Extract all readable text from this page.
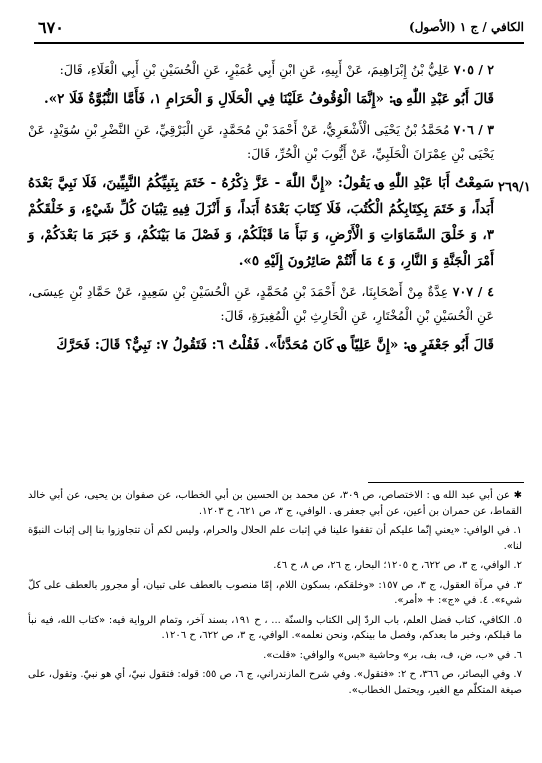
٦٧٠	الكافي / ج ١ (الأصول)
٢٦٩/١

٢ / ٧٠٥ عَلِيُّ بْنُ إِبْرَاهِيمَ، عَنْ أَبِيهِ، عَنِ ابْنِ أَبِي عُمَيْرٍ، عَنِ الْحُسَيْنِ بْنِ أَبِي الْعَلَاءِ، قَالَ:

قَالَ أَبُو عَبْدِ اللّٰهِ ؈: «إِنَّمَا الْوُقُوفُ عَلَيْنَا فِي الْحَلَالِ وَ الْحَرَامِ ١، فَأَمَّا النُّبُوَّةُ فَلَا ٢».

٣ / ٧٠٦ مُحَمَّدُ بْنُ يَحْيَى الْأَشْعَرِيُّ، عَنْ أَحْمَدَ بْنِ مُحَمَّدٍ، عَنِ الْبَرْقِيِّ، عَنِ النَّضْرِ بْنِ سُوَيْدٍ، عَنْ يَحْيَى بْنِ عِمْرَانَ الْحَلَبِيِّ، عَنْ أَيُّوبَ بْنِ الْحُرِّ، قَالَ:

سَمِعْتُ أَبَا عَبْدِ اللّٰهِ ؈ يَقُولُ: «إِنَّ اللّٰهَ - عَزَّ ذِكْرُهُ - خَتَمَ بِنَبِيِّكُمُ النَّبِيِّينَ، فَلَا نَبِيَّ بَعْدَهُ أَبَداً، وَ خَتَمَ بِكِتَابِكُمُ الْكُتُبَ، فَلَا كِتَابَ بَعْدَهُ أَبَداً، وَ أَنْزَلَ فِيهِ تِبْيَانَ كُلِّ شَيْءٍ، وَ خَلْقَكُمْ ٣، وَ خَلْقَ السَّمَاوَاتِ وَ الْأَرْضِ، وَ نَبَأَ مَا قَبْلَكُمْ، وَ فَصْلَ مَا بَيْنَكُمْ، وَ خَبَرَ مَا بَعْدَكُمْ، وَ أَمْرَ الْجَنَّةِ وَ النَّارِ، وَ ٤ مَا أَنْتُمْ صَائِرُونَ إِلَيْهِ ٥».

٤ / ٧٠٧ عِدَّةٌ مِنْ أَصْحَابِنَا، عَنْ أَحْمَدَ بْنِ مُحَمَّدٍ، عَنِ الْحُسَيْنِ بْنِ سَعِيدٍ، عَنْ حَمَّادِ بْنِ عِيسَى، عَنِ الْحُسَيْنِ بْنِ الْمُخْتَارِ، عَنِ الْحَارِثِ بْنِ الْمُغِيرَةِ، قَالَ:

قَالَ أَبُو جَعْفَرٍ ؈: «إِنَّ عَلِيّاً ؈ كَانَ مُحَدَّثاً». فَقُلْتُ ٦: فَتَقُولُ ٧: نَبِيٌّ؟ قَالَ: فَحَرَّكَ

✱ عن أبي عبد الله ؈ : الاختصاص، ص ٣٠٩، عن محمد بن الحسين بن أبي الخطاب، عن صفوان بن يحيى، عن أبي خالد القماط، عن حمران بن أعين، عن أبي جعفر ؈ . الوافي، ج ٣، ص ٦٢١، ح ١٢٠٣.

١. في الوافي: «يعني إنّما عليكم أن تقفوا علينا في إثبات علم الحلال والحرام، وليس لكم أن تتجاوزوا بنا إلى إثبات النبوّة لنا».

٢. الوافي، ج ٣، ص ٦٢٢، ح ١٢٠٥؛ البحار، ج ٢٦، ص ٨، ح ٤٦.

٣. في مرآة العقول، ج ٣، ص ١٥٧: «وخلقكم، بسكون اللام، إمّا منصوب بالعطف على تبيان، أو مجرور بالعطف على كلّ شيء». ٤. في «ج»: + «أمر».

٥. الكافي، كتاب فضل العلم، باب الردّ إلى الكتاب والسنّة ... ، ح ١٩١، بسند آخر، وتمام الرواية فيه: «كتاب الله، فيه نبأ ما قبلكم، وخبر ما بعدكم، وفصل ما بينكم، ونحن نعلمه». الوافي، ج ٣، ص ٦٢٢، ح ١٢٠٦.

٦. في «ب، ض، ف، بف، بر» وحاشية «بس» والوافي: «قلت».

٧. وفي البصائر، ص ٣٦٦، ح ٢: «فتقول». وفي شرح المازندراني، ج ٦، ص ٥٥: قوله: فتقول نبيّ، أي هو نبيّ. وتقول، على صيغة المتكلّم مع الغير، ويحتمل الخطاب».
